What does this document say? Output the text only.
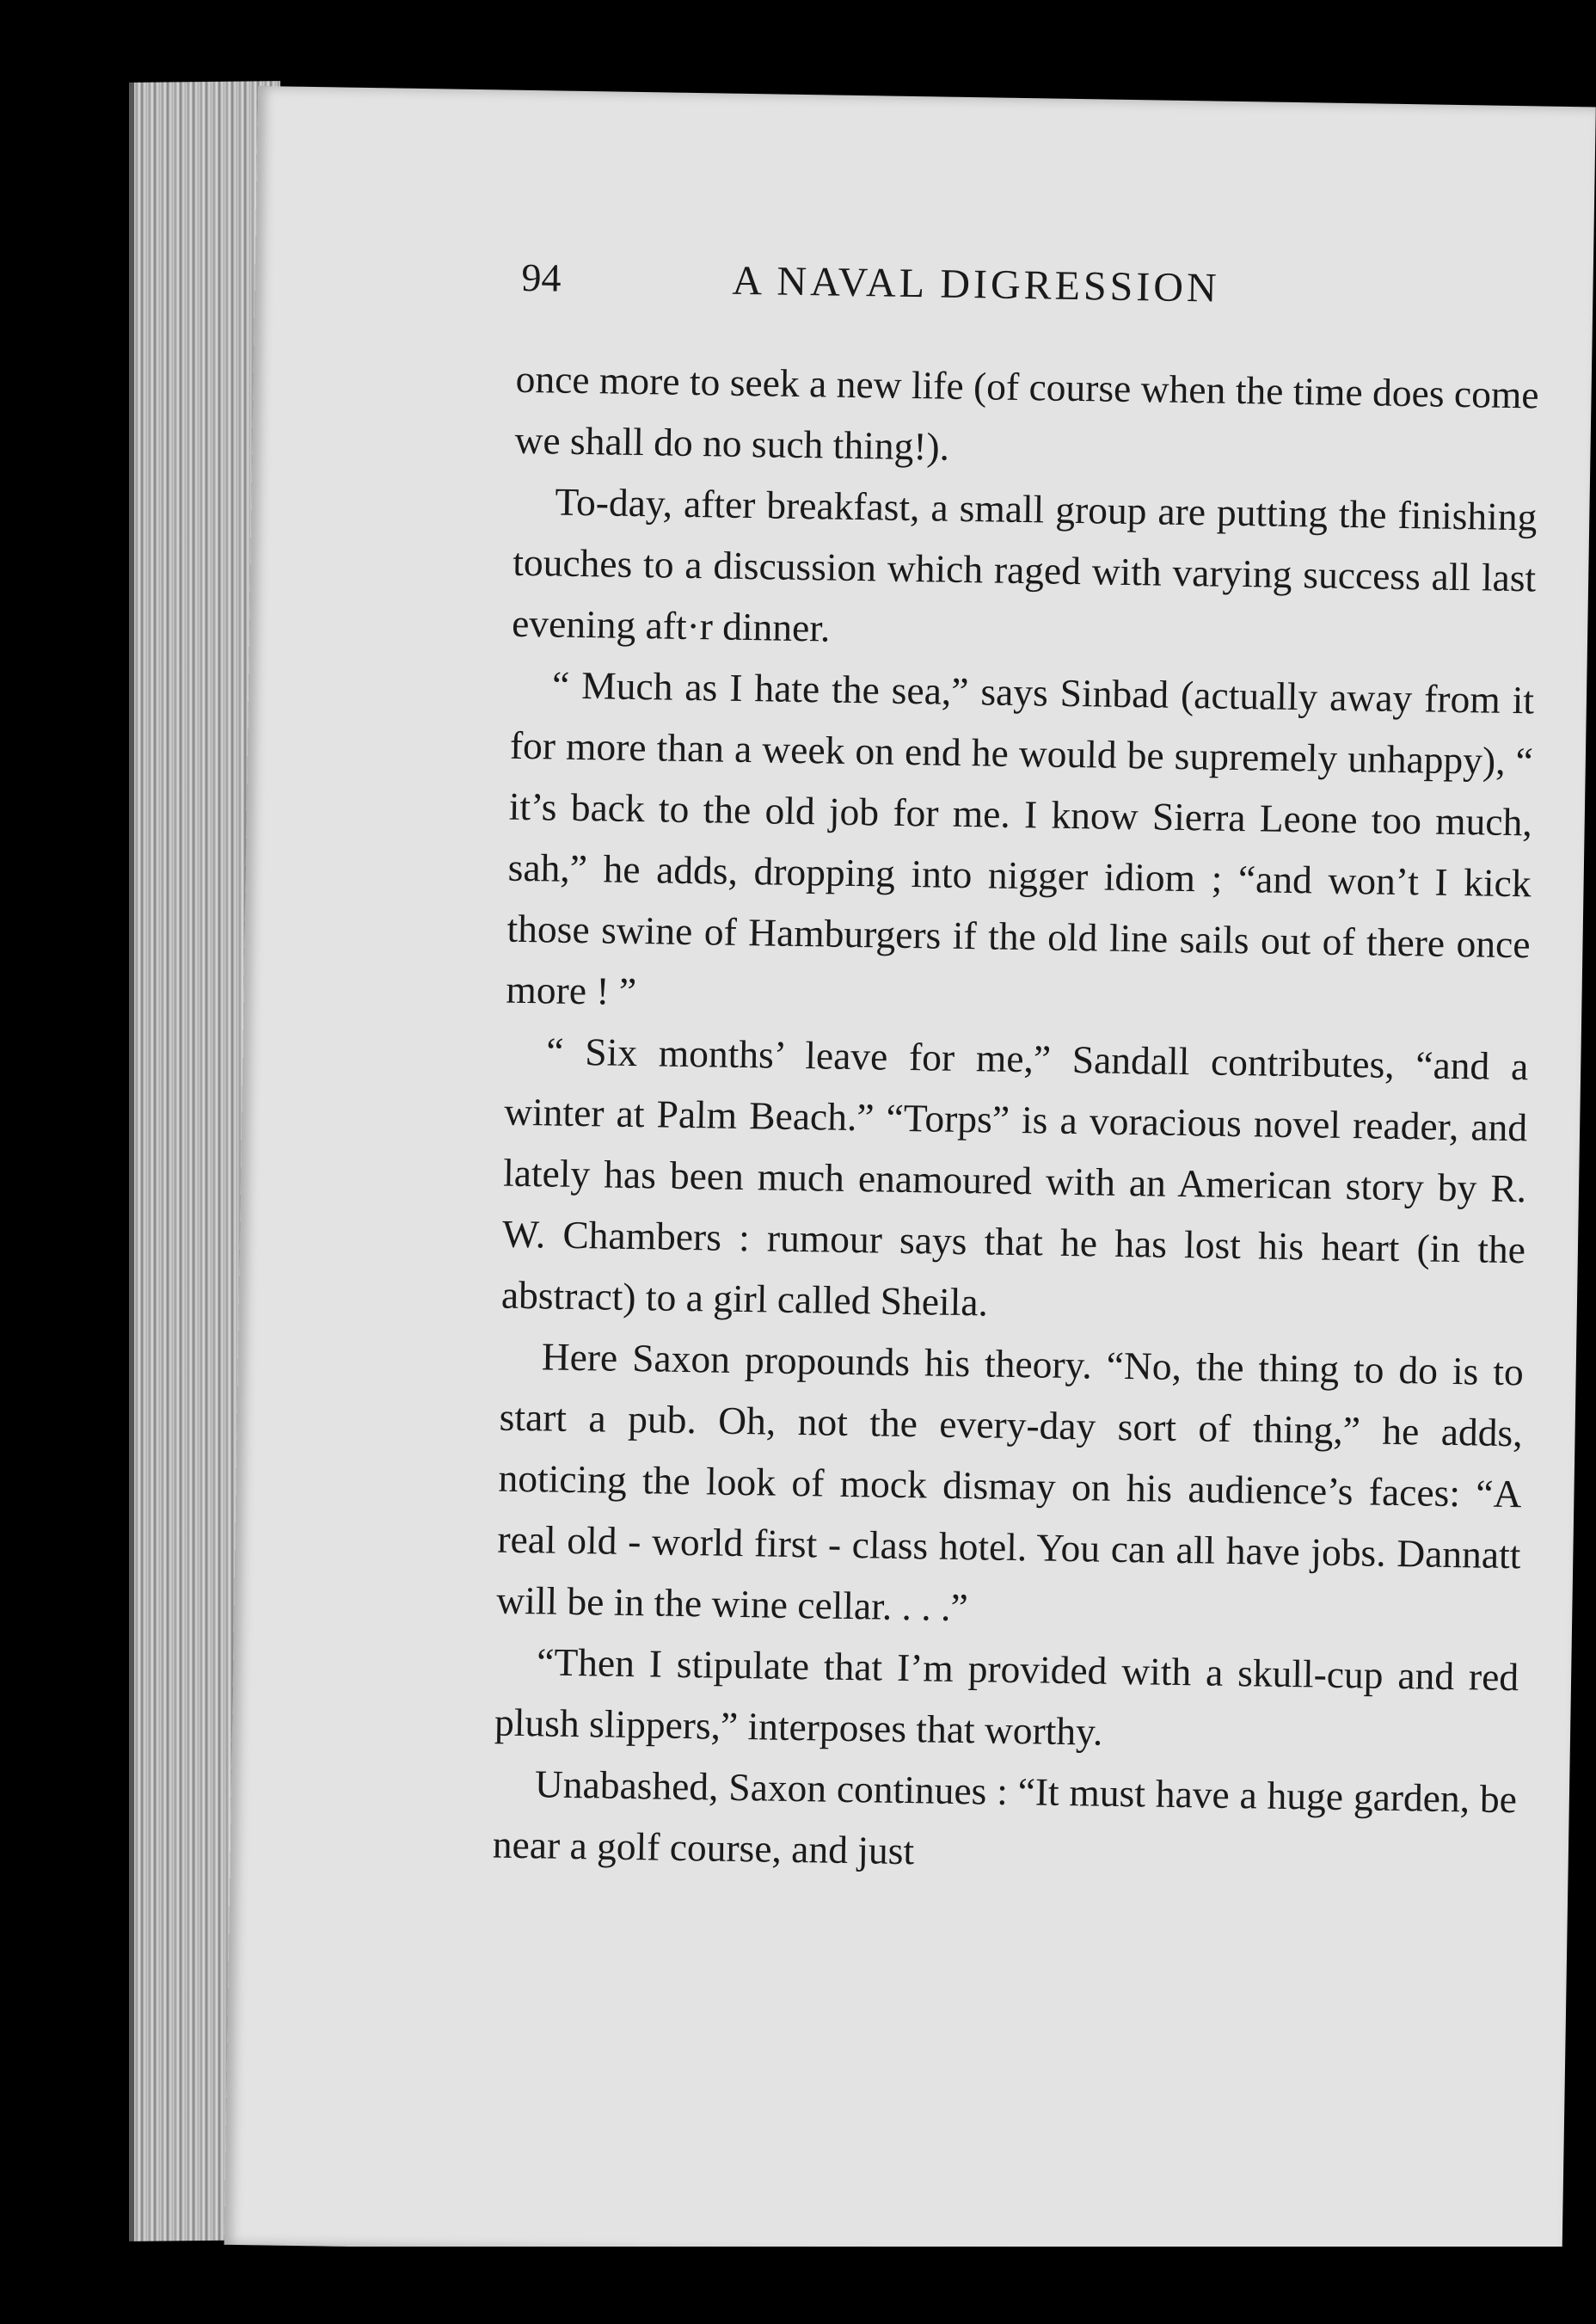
94	A NAVAL DIGRESSION

once more to seek a new life (of course when the time does come we shall do no such thing!).

To-day, after breakfast, a small group are putting the finishing touches to a discussion which raged with varying success all last evening aft·r dinner.

“ Much as I hate the sea,” says Sinbad (actually away from it for more than a week on end he would be supremely unhappy), “ it’s back to the old job for me. I know Sierra Leone too much, sah,” he adds, dropping into nigger idiom ; “and won’t I kick those swine of Hamburgers if the old line sails out of there once more ! ”

“ Six months’ leave for me,” Sandall contributes, “and a winter at Palm Beach.” “Torps” is a voracious novel reader, and lately has been much enamoured with an American story by R. W. Chambers : rumour says that he has lost his heart (in the abstract) to a girl called Sheila.

Here Saxon propounds his theory. “No, the thing to do is to start a pub. Oh, not the every-day sort of thing,” he adds, noticing the look of mock dismay on his audience’s faces: “A real old - world first - class hotel. You can all have jobs. Dannatt will be in the wine cellar. . . .”

“Then I stipulate that I’m provided with a skull-cup and red plush slippers,” interposes that worthy.

Unabashed, Saxon continues : “It must have a huge garden, be near a golf course, and just
